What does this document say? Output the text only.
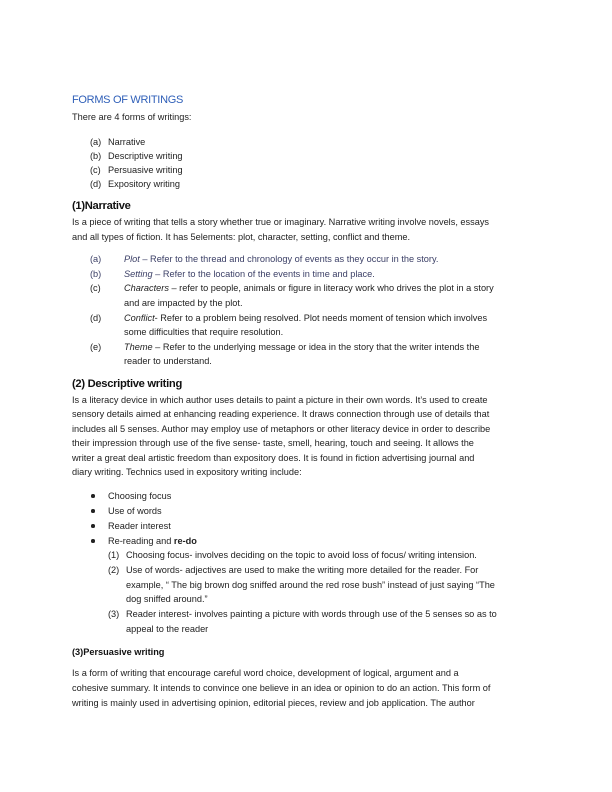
FORMS OF WRITINGS
There are 4 forms of writings:
(a) Narrative
(b) Descriptive writing
(c) Persuasive writing
(d) Expository writing
(1)Narrative
Is a piece of writing that tells a story whether true or imaginary. Narrative writing involve novels, essays
and all types of fiction. It has 5elements: plot, character, setting, conflict and theme.
(a) Plot – Refer to the thread and chronology of events as they occur in the story.
(b) Setting – Refer to the location of the events in time and place.
(c)	Characters – refer to people, animals or figure in literacy work who drives the plot in a story
and are impacted by the plot.
(d) Conflict- Refer to a problem being resolved. Plot needs moment of tension which involves
some difficulties that require resolution.
(e) Theme – Refer to the underlying message or idea in the story that the writer intends the
reader to understand.
(2) Descriptive writing
Is a literacy device in which author uses details to paint a picture in their own words. It’s used to create
sensory details aimed at enhancing reading experience. It draws connection through use of details that
includes all 5 senses. Author may employ use of metaphors or other literacy device in order to describe
their impression through use of the five sense- taste, smell, hearing, touch and seeing. It allows the
writer a great deal artistic freedom than expository does. It is found in fiction advertising journal and
diary writing. Technics used in expository writing include:
Choosing focus
Use of words
Reader interest
Re-reading and re-do
(1) Choosing focus- involves deciding on the topic to avoid loss of focus/ writing intension.
(2) Use of words- adjectives are used to make the writing more detailed for the reader. For
example, “ The big brown dog sniffed around the red rose bush” instead of just saying “The
dog sniffed around.”
(3) Reader interest- involves painting a picture with words through use of the 5 senses so as to
appeal to the reader
(3)Persuasive writing
Is a form of writing that encourage careful word choice, development of logical, argument and a
cohesive summary. It intends to convince one believe in an idea or opinion to do an action. This form of
writing is mainly used in advertising opinion, editorial pieces, review and job application. The author
